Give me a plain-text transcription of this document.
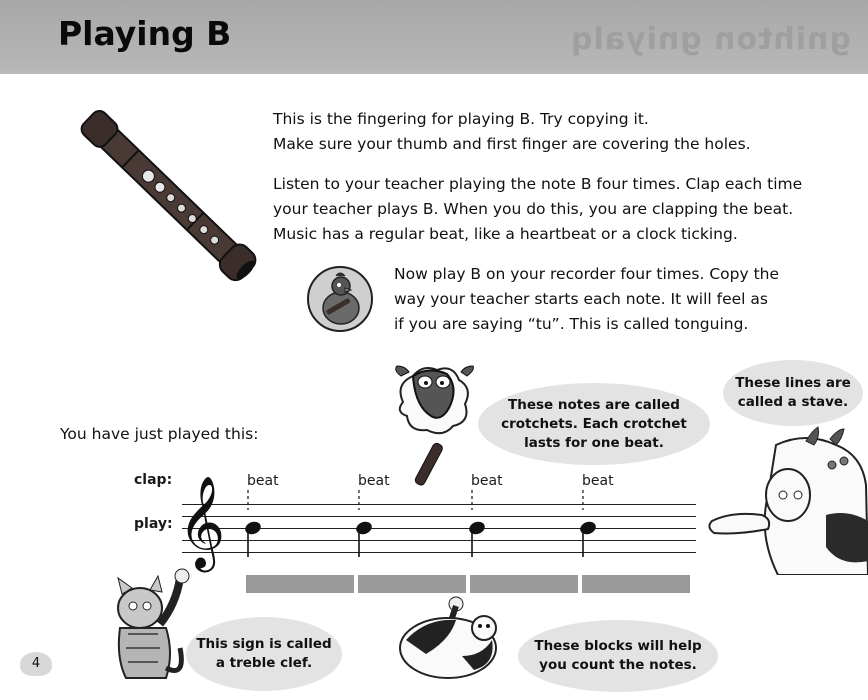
Playing B	gnihton gniyalq

This is the fingering for playing B. Try copying it.
Make sure your thumb and first finger are covering the holes.

Listen to your teacher playing the note B four times. Clap each time
your teacher plays B. When you do this, you are clapping the beat.
Music has a regular beat, like a heartbeat or a clock ticking.

Now play B on your recorder four times. Copy the
way your teacher starts each note. It will feel as
if you are saying “tu”. This is called tonguing.

These notes are called
crotchets. Each crotchet
lasts for one beat.
These lines are
called a stave.
You have just played this:
clap:
play:
beat	beat	beat	beat
𝄞
This sign is called
a treble clef.
These blocks will help
you count the notes.
4
